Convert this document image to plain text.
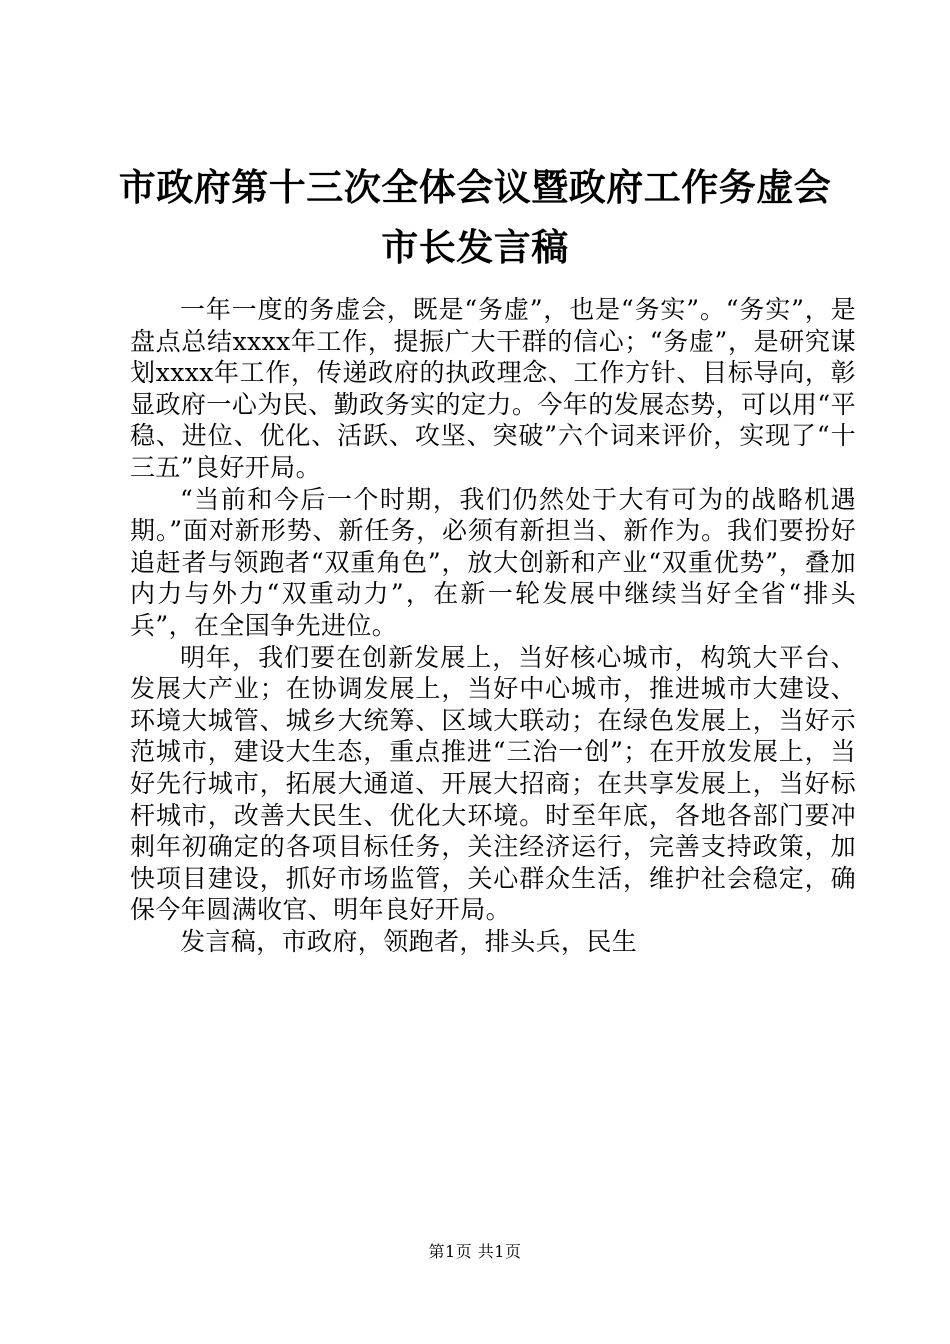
市政府第十三次全体会议暨政府工作务虚会市长发言稿

一年一度的务虚会，既是“务虚”，也是“务实”。“务实”，是盘点总结xxxx年工作，提振广大干群的信心；“务虚”，是研究谋划xxxx年工作，传递政府的执政理念、工作方针、目标导向，彰显政府一心为民、勤政务实的定力。今年的发展态势，可以用“平稳、进位、优化、活跃、攻坚、突破”六个词来评价，实现了“十三五”良好开局。

“当前和今后一个时期，我们仍然处于大有可为的战略机遇期。”面对新形势、新任务，必须有新担当、新作为。我们要扮好追赶者与领跑者“双重角色”，放大创新和产业“双重优势”，叠加内力与外力“双重动力”，在新一轮发展中继续当好全省“排头兵”，在全国争先进位。

明年，我们要在创新发展上，当好核心城市，构筑大平台、发展大产业；在协调发展上，当好中心城市，推进城市大建设、环境大城管、城乡大统筹、区域大联动；在绿色发展上，当好示范城市，建设大生态，重点推进“三治一创”；在开放发展上，当好先行城市，拓展大通道、开展大招商；在共享发展上，当好标杆城市，改善大民生、优化大环境。时至年底，各地各部门要冲刺年初确定的各项目标任务，关注经济运行，完善支持政策，加快项目建设，抓好市场监管，关心群众生活，维护社会稳定，确保今年圆满收官、明年良好开局。

发言稿，市政府，领跑者，排头兵，民生

第1页 共1页
